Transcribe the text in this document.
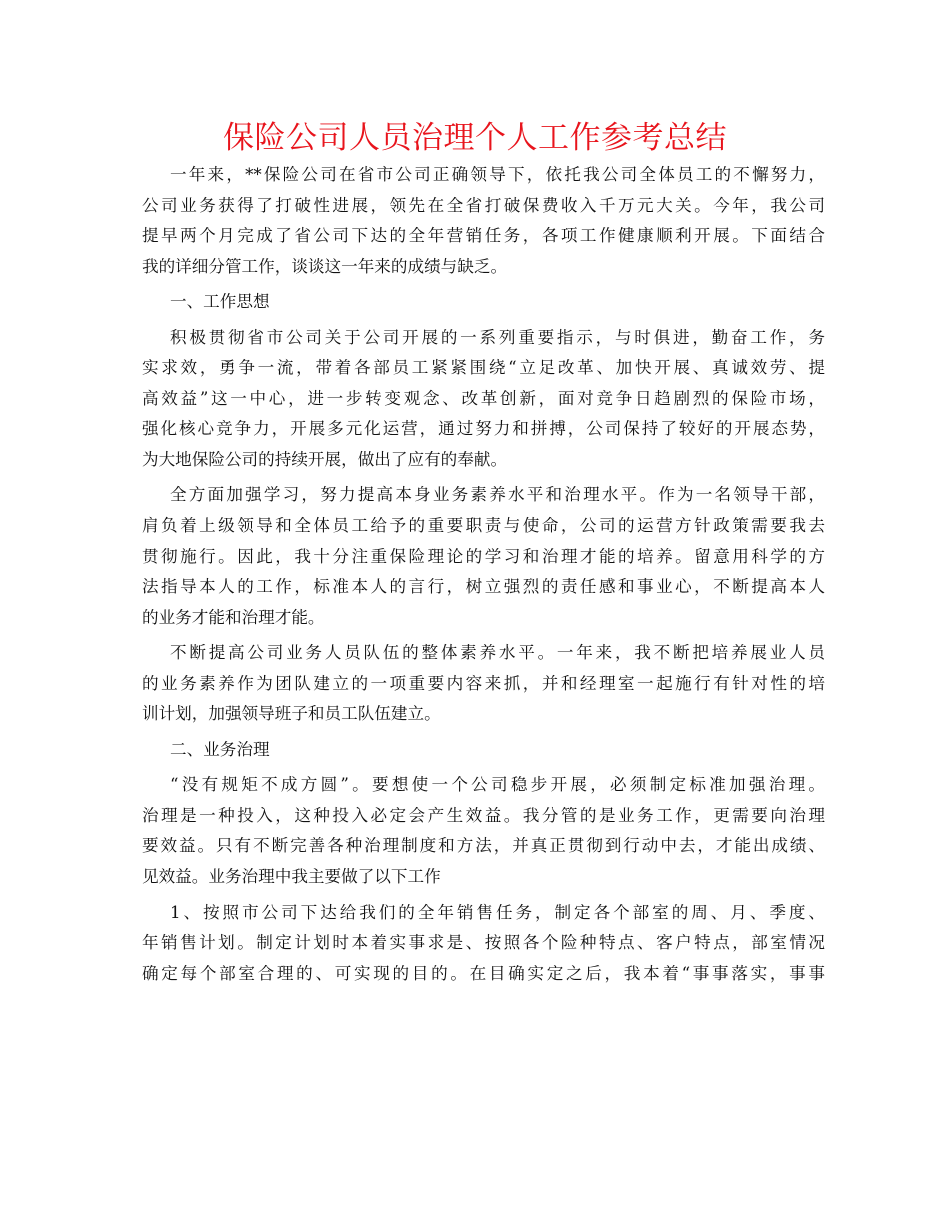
保险公司人员治理个人工作参考总结
一年来，**保险公司在省市公司正确领导下，依托我公司全体员工的不懈努力，
公司业务获得了打破性进展，领先在全省打破保费收入千万元大关。今年，我公司
提早两个月完成了省公司下达的全年营销任务，各项工作健康顺利开展。下面结合
我的详细分管工作，谈谈这一年来的成绩与缺乏。
一、工作思想
积极贯彻省市公司关于公司开展的一系列重要指示，与时俱进，勤奋工作，务
实求效，勇争一流，带着各部员工紧紧围绕“立足改革、加快开展、真诚效劳、提
高效益”这一中心，进一步转变观念、改革创新，面对竞争日趋剧烈的保险市场，
强化核心竞争力，开展多元化运营，通过努力和拼搏，公司保持了较好的开展态势，
为大地保险公司的持续开展，做出了应有的奉献。
全方面加强学习，努力提高本身业务素养水平和治理水平。作为一名领导干部，
肩负着上级领导和全体员工给予的重要职责与使命，公司的运营方针政策需要我去
贯彻施行。因此，我十分注重保险理论的学习和治理才能的培养。留意用科学的方
法指导本人的工作，标准本人的言行，树立强烈的责任感和事业心，不断提高本人
的业务才能和治理才能。
不断提高公司业务人员队伍的整体素养水平。一年来，我不断把培养展业人员
的业务素养作为团队建立的一项重要内容来抓，并和经理室一起施行有针对性的培
训计划，加强领导班子和员工队伍建立。
二、业务治理
“没有规矩不成方圆”。要想使一个公司稳步开展，必须制定标准加强治理。
治理是一种投入，这种投入必定会产生效益。我分管的是业务工作，更需要向治理
要效益。只有不断完善各种治理制度和方法，并真正贯彻到行动中去，才能出成绩、
见效益。业务治理中我主要做了以下工作
1、按照市公司下达给我们的全年销售任务，制定各个部室的周、月、季度、
年销售计划。制定计划时本着实事求是、按照各个险种特点、客户特点，部室情况
确定每个部室合理的、可实现的目的。在目确实定之后，我本着“事事落实，事事
